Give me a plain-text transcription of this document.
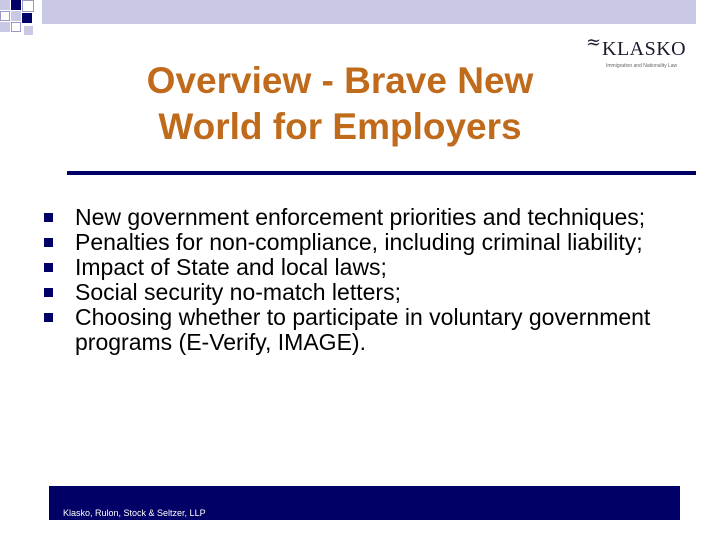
≈ KLASKO
Immigration and Nationality Law
Overview - Brave New
World for Employers
New government enforcement priorities and techniques;
Penalties for non-compliance, including criminal liability;
Impact of State and local laws;
Social security no-match letters;
Choosing whether to participate in voluntary government programs (E-Verify, IMAGE).
Klasko, Rulon, Stock & Seltzer, LLP
